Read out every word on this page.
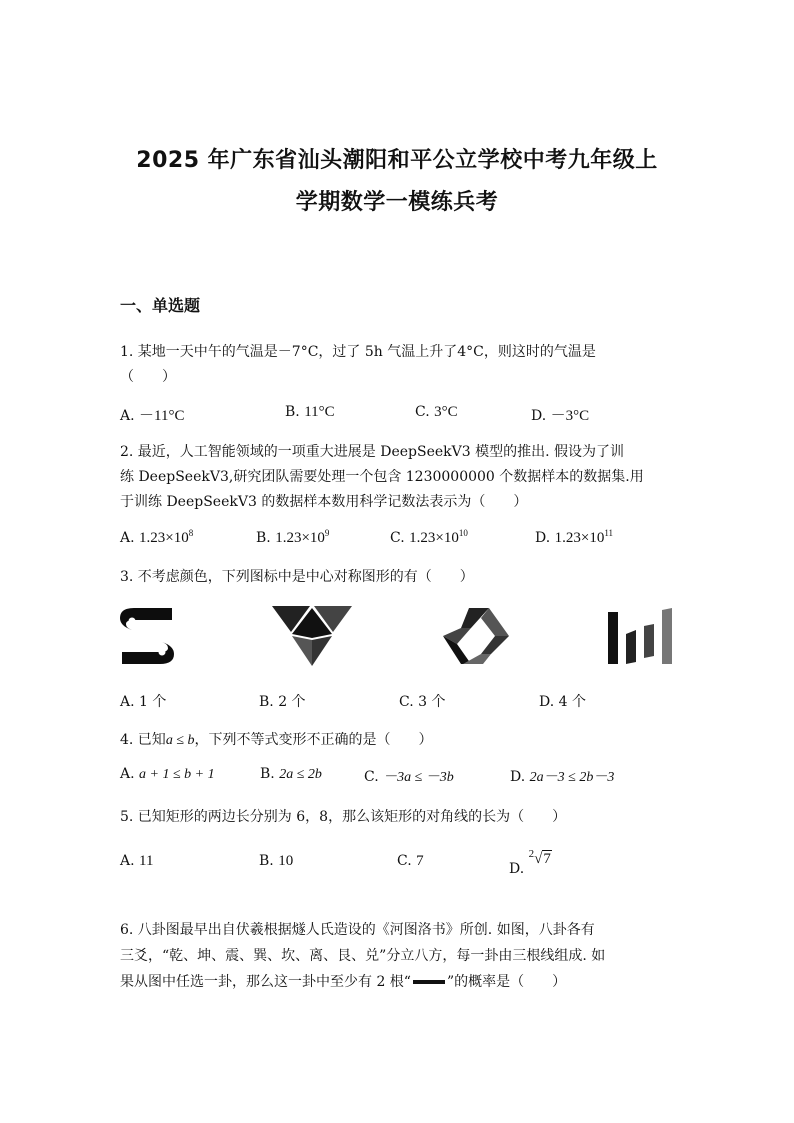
2025 年广东省汕头潮阳和平公立学校中考九年级上
学期数学一模练兵考
一、单选题
1. 某地一天中午的气温是－7°C，过了 5h 气温上升了4°C，则这时的气温是
（　　）
A. －11°C	B. 11°C	C. 3°C	D. －3°C
2. 最近，人工智能领域的一项重大进展是 DeepSeekV3 模型的推出. 假设为了训
练 DeepSeekV3,研究团队需要处理一个包含 1230000000 个数据样本的数据集.用
于训练 DeepSeekV3 的数据样本数用科学记数法表示为（　　）
A. $1.23\times 10^8$	B. $1.23\times 10^9$	C. $1.23\times 10^{10}$	D. $1.23\times 10^{11}$
3. 不考虑颜色，下列图标中是中心对称图形的有（　　）
A. 1 个	B. 2 个	C. 3 个	D. 4 个
4. 已知a ≤ b，下列不等式变形不正确的是（　　）
A. a + 1 ≤ b + 1	B. 2a ≤ 2b	C. －3a ≤ －3b	D. 2a－3 ≤ 2b－3
5. 已知矩形的两边长分别为 6，8，那么该矩形的对角线的长为（　　）
A. 11	B. 10	C. 7	D. $^2$√7
6. 八卦图最早出自伏羲根据燧人氏造设的《河图洛书》所创. 如图，八卦各有
三爻，“乾、坤、震、巽、坎、离、艮、兑”分立八方，每一卦由三根线组成. 如
果从图中任选一卦，那么这一卦中至少有 2 根“	”的概率是（　　）
